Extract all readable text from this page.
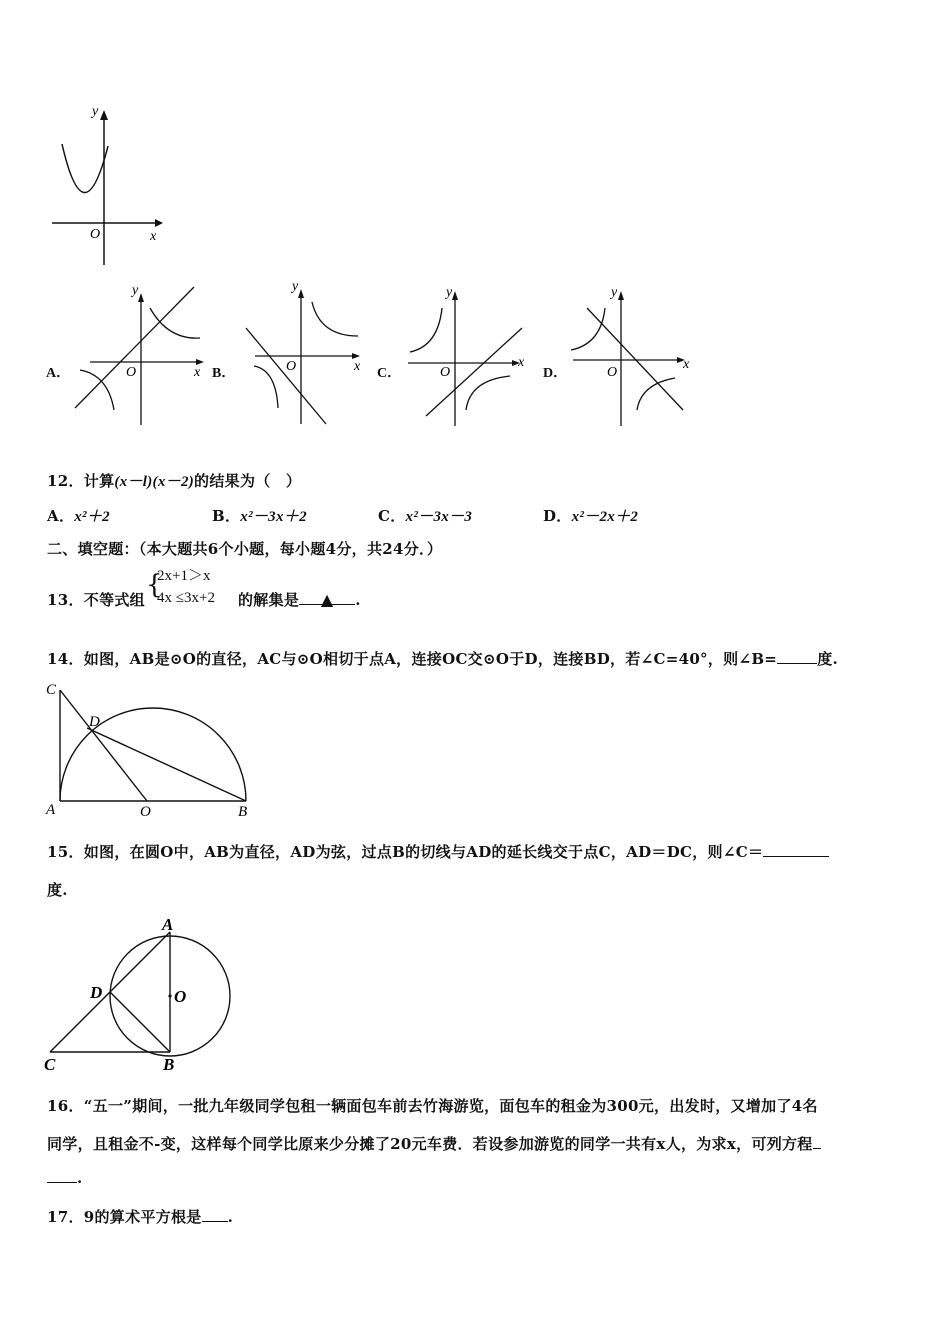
y
x
O
A．
y
x
O	B．
y
x
O	C．
y
x
O	D．
y
x
O
12．计算(x－l)(x－2)的结果为（　）
A．x²＋2	B．x²－3x＋2	C．x²－3x－3	D．x²－2x＋2
二、填空题：（本大题共6个小题，每小题4分，共24分．）
13．不等式组 {
2x+1＞x
4x ≤3x+2 的解集是 ▲ .
14．如图，AB是⊙O的直径，AC与⊙O相切于点A，连接OC交⊙O于D，连接BD，若∠C=40°，则∠B=	度.
C
D
A	O	B
15．如图，在圆O中，AB为直径，AD为弦，过点B的切线与AD的延长线交于点C，AD＝DC，则∠C＝
度.
A
D	O
C	B
16．“五一”期间，一批九年级同学包租一辆面包车前去竹海游览，面包车的租金为300元，出发时，又增加了4名
同学，且租金不-变，这样每个同学比原来少分摊了20元车费．若设参加游览的同学一共有x人，为求x，可列方程
.
17．9的算术平方根是 .
